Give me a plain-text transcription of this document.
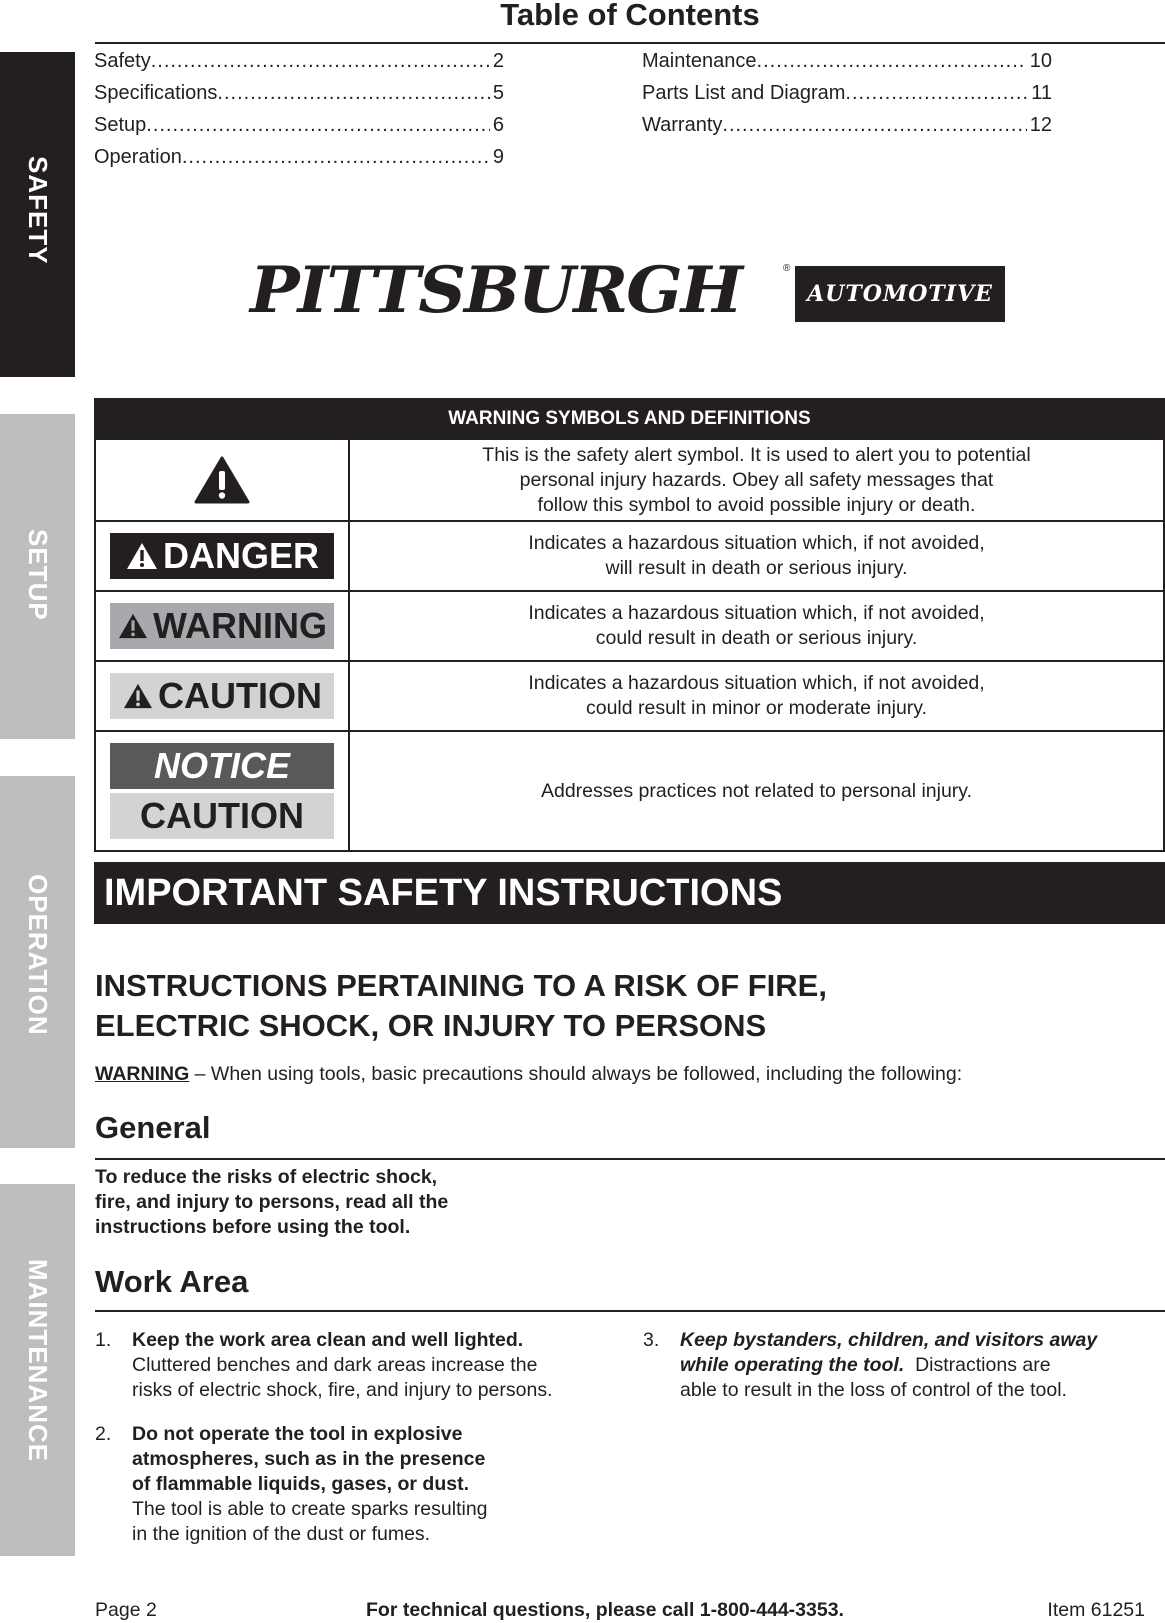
SAFETY
SETUP
OPERATION
MAINTENANCE
Table of Contents
Safety .....	2
Specifications .....	5
Setup .....	6
Operation .....	9
Maintenance .....	10
Parts List and Diagram .....	11
Warranty .....	12
PITTSBURGH	®
AUTOMOTIVE
WARNING SYMBOLS AND DEFINITIONS
This is the safety alert symbol. It is used to alert you to potential
personal injury hazards. Obey all safety messages that
follow this symbol to avoid possible injury or death.
DANGER	Indicates a hazardous situation which, if not avoided,
will result in death or serious injury.
WARNING	Indicates a hazardous situation which, if not avoided,
could result in death or serious injury.
CAUTION	Indicates a hazardous situation which, if not avoided,
could result in minor or moderate injury.
NOTICE
CAUTION
Addresses practices not related to personal injury.
IMPORTANT SAFETY INSTRUCTIONS
INSTRUCTIONS PERTAINING TO A RISK OF FIRE,
ELECTRIC SHOCK, OR INJURY TO PERSONS
WARNING – When using tools, basic precautions should always be followed, including the following:
General
To reduce the risks of electric shock,
fire, and injury to persons, read all the
instructions before using the tool.
Work Area
1. Keep the work area clean and well lighted.
Cluttered benches and dark areas increase the
risks of electric shock, fire, and injury to persons.
2. Do not operate the tool in explosive
atmospheres, such as in the presence
of flammable liquids, gases, or dust.
The tool is able to create sparks resulting
in the ignition of the dust or fumes.
3. Keep bystanders, children, and visitors away
while operating the tool.  Distractions are
able to result in the loss of control of the tool.
Page 2	For technical questions, please call 1-800-444-3353.	Item 61251
